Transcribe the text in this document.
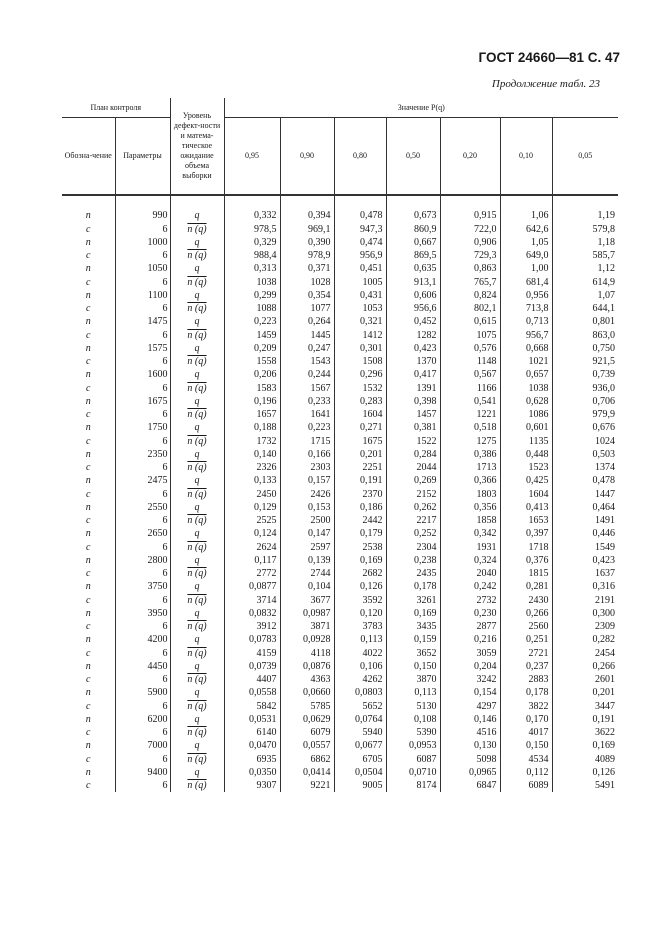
ГОСТ 24660—81 С. 47
Продолжение табл. 23
План контроля		Уровень дефект-ности и матема-тическое ожидание объема выборки	Значение P(q)						
Обозна-чение	Параметры		0,95	0,90	0,80	0,50	0,20	0,10	0,05

n	990	q	0,332	0,394	0,478	0,673	0,915	1,06	1,19
c	6	n (q)	978,5	969,1	947,3	860,9	722,0	642,6	579,8
n	1000	q	0,329	0,390	0,474	0,667	0,906	1,05	1,18
c	6	n (q)	988,4	978,9	956,9	869,5	729,3	649,0	585,7
n	1050	q	0,313	0,371	0,451	0,635	0,863	1,00	1,12
c	6	n (q)	1038	1028	1005	913,1	765,7	681,4	614,9
n	1100	q	0,299	0,354	0,431	0,606	0,824	0,956	1,07
c	6	n (q)	1088	1077	1053	956,6	802,1	713,8	644,1
n	1475	q	0,223	0,264	0,321	0,452	0,615	0,713	0,801
c	6	n (q)	1459	1445	1412	1282	1075	956,7	863,0
n	1575	q	0,209	0,247	0,301	0,423	0,576	0,668	0,750
c	6	n (q)	1558	1543	1508	1370	1148	1021	921,5
n	1600	q	0,206	0,244	0,296	0,417	0,567	0,657	0,739
c	6	n (q)	1583	1567	1532	1391	1166	1038	936,0
n	1675	q	0,196	0,233	0,283	0,398	0,541	0,628	0,706
c	6	n (q)	1657	1641	1604	1457	1221	1086	979,9
n	1750	q	0,188	0,223	0,271	0,381	0,518	0,601	0,676
c	6	n (q)	1732	1715	1675	1522	1275	1135	1024
n	2350	q	0,140	0,166	0,201	0,284	0,386	0,448	0,503
c	6	n (q)	2326	2303	2251	2044	1713	1523	1374
n	2475	q	0,133	0,157	0,191	0,269	0,366	0,425	0,478
c	6	n (q)	2450	2426	2370	2152	1803	1604	1447
n	2550	q	0,129	0,153	0,186	0,262	0,356	0,413	0,464
c	6	n (q)	2525	2500	2442	2217	1858	1653	1491
n	2650	q	0,124	0,147	0,179	0,252	0,342	0,397	0,446
c	6	n (q)	2624	2597	2538	2304	1931	1718	1549
n	2800	q	0,117	0,139	0,169	0,238	0,324	0,376	0,423
c	6	n (q)	2772	2744	2682	2435	2040	1815	1637
n	3750	q	0,0877	0,104	0,126	0,178	0,242	0,281	0,316
c	6	n (q)	3714	3677	3592	3261	2732	2430	2191
n	3950	q	0,0832	0,0987	0,120	0,169	0,230	0,266	0,300
c	6	n (q)	3912	3871	3783	3435	2877	2560	2309
n	4200	q	0,0783	0,0928	0,113	0,159	0,216	0,251	0,282
c	6	n (q)	4159	4118	4022	3652	3059	2721	2454
n	4450	q	0,0739	0,0876	0,106	0,150	0,204	0,237	0,266
c	6	n (q)	4407	4363	4262	3870	3242	2883	2601
n	5900	q	0,0558	0,0660	0,0803	0,113	0,154	0,178	0,201
c	6	n (q)	5842	5785	5652	5130	4297	3822	3447
n	6200	q	0,0531	0,0629	0,0764	0,108	0,146	0,170	0,191
c	6	n (q)	6140	6079	5940	5390	4516	4017	3622
n	7000	q	0,0470	0,0557	0,0677	0,0953	0,130	0,150	0,169
c	6	n (q)	6935	6862	6705	6087	5098	4534	4089
n	9400	q	0,0350	0,0414	0,0504	0,0710	0,0965	0,112	0,126
c	6	n (q)	9307	9221	9005	8174	6847	6089	5491
